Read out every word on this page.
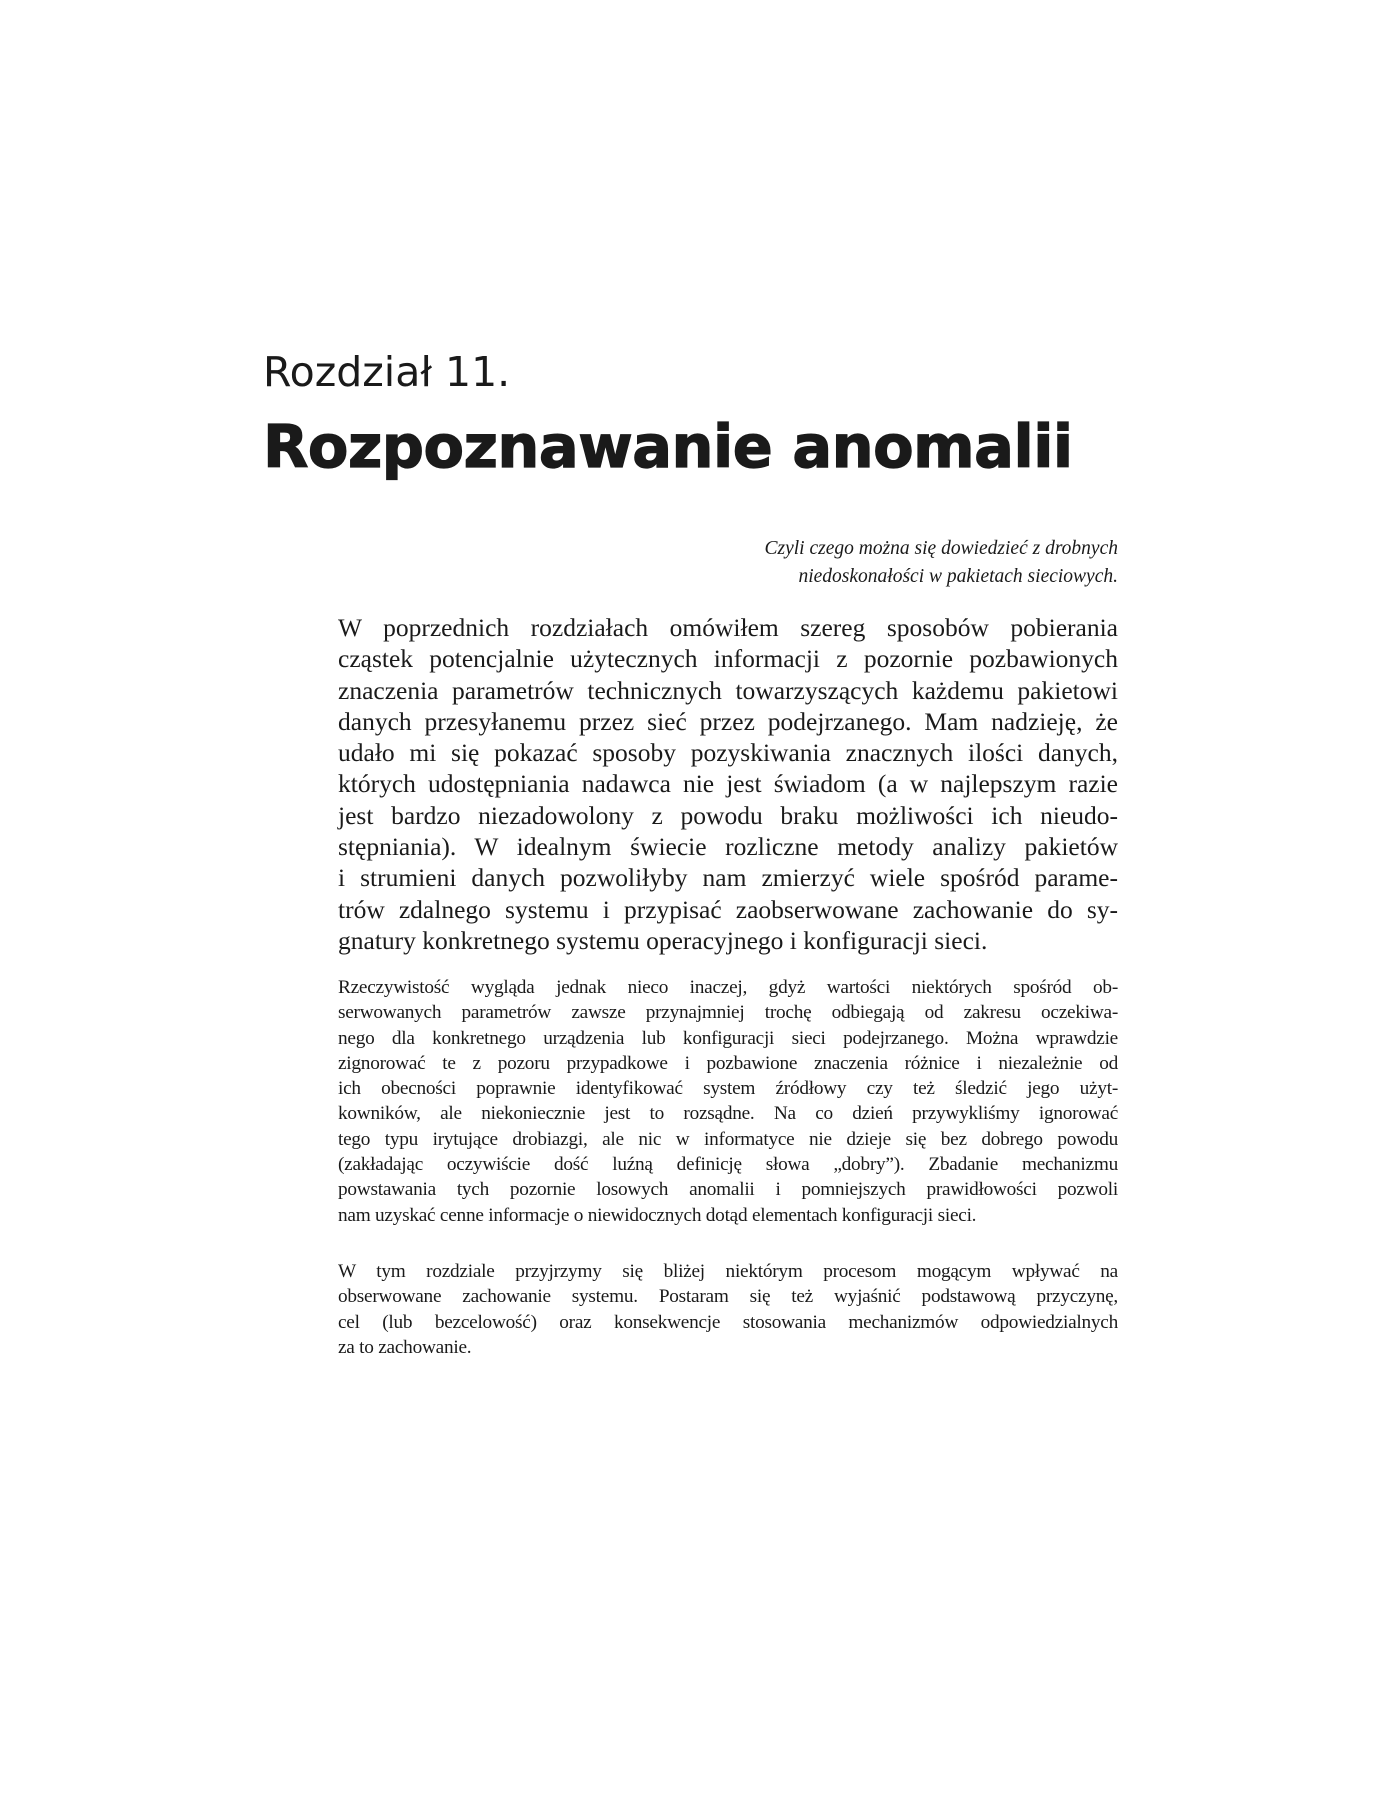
Rozdział 11.
Rozpoznawanie anomalii
Czyli czego można się dowiedzieć z drobnych
niedoskonałości w pakietach sieciowych.
W poprzednich rozdziałach omówiłem szereg sposobów pobierania
cząstek potencjalnie użytecznych informacji z pozornie pozbawionych
znaczenia parametrów technicznych towarzyszących każdemu pakietowi
danych przesyłanemu przez sieć przez podejrzanego. Mam nadzieję, że
udało mi się pokazać sposoby pozyskiwania znacznych ilości danych,
których udostępniania nadawca nie jest świadom (a w najlepszym razie
jest bardzo niezadowolony z powodu braku możliwości ich nieudo-
stępniania). W idealnym świecie rozliczne metody analizy pakietów
i strumieni danych pozwoliłyby nam zmierzyć wiele spośród parame-
trów zdalnego systemu i przypisać zaobserwowane zachowanie do sy-
gnatury konkretnego systemu operacyjnego i konfiguracji sieci.
Rzeczywistość wygląda jednak nieco inaczej, gdyż wartości niektórych spośród ob-
serwowanych parametrów zawsze przynajmniej trochę odbiegają od zakresu oczekiwa-
nego dla konkretnego urządzenia lub konfiguracji sieci podejrzanego. Można wprawdzie
zignorować te z pozoru przypadkowe i pozbawione znaczenia różnice i niezależnie od
ich obecności poprawnie identyfikować system źródłowy czy też śledzić jego użyt-
kowników, ale niekoniecznie jest to rozsądne. Na co dzień przywykliśmy ignorować
tego typu irytujące drobiazgi, ale nic w informatyce nie dzieje się bez dobrego powodu
(zakładając oczywiście dość luźną definicję słowa „dobry”). Zbadanie mechanizmu
powstawania tych pozornie losowych anomalii i pomniejszych prawidłowości pozwoli
nam uzyskać cenne informacje o niewidocznych dotąd elementach konfiguracji sieci.
W tym rozdziale przyjrzymy się bliżej niektórym procesom mogącym wpływać na
obserwowane zachowanie systemu. Postaram się też wyjaśnić podstawową przyczynę,
cel (lub bezcelowość) oraz konsekwencje stosowania mechanizmów odpowiedzialnych
za to zachowanie.
